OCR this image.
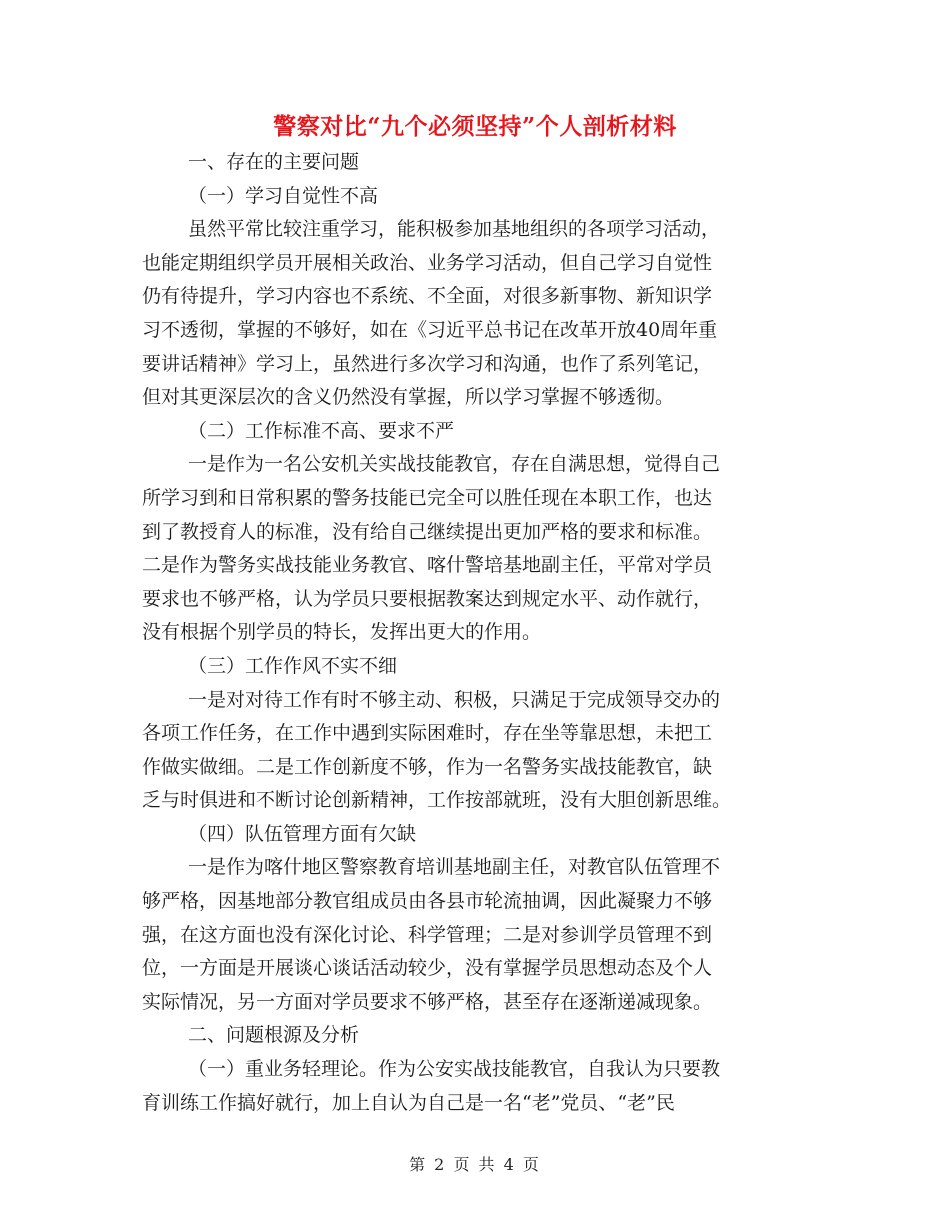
警察对比“九个必须坚持”个人剖析材料
一、存在的主要问题
（一）学习自觉性不高
虽然平常比较注重学习，能积极参加基地组织的各项学习活动，
也能定期组织学员开展相关政治、业务学习活动，但自己学习自觉性
仍有待提升，学习内容也不系统、不全面，对很多新事物、新知识学
习不透彻，掌握的不够好，如在《习近平总书记在改革开放40周年重
要讲话精神》学习上，虽然进行多次学习和沟通，也作了系列笔记，
但对其更深层次的含义仍然没有掌握，所以学习掌握不够透彻。
（二）工作标准不高、要求不严
一是作为一名公安机关实战技能教官，存在自满思想，觉得自己
所学习到和日常积累的警务技能已完全可以胜任现在本职工作，也达
到了教授育人的标准，没有给自己继续提出更加严格的要求和标准。
二是作为警务实战技能业务教官、喀什警培基地副主任，平常对学员
要求也不够严格，认为学员只要根据教案达到规定水平、动作就行，
没有根据个别学员的特长，发挥出更大的作用。
（三）工作作风不实不细
一是对对待工作有时不够主动、积极，只满足于完成领导交办的
各项工作任务，在工作中遇到实际困难时，存在坐等靠思想，未把工
作做实做细。二是工作创新度不够，作为一名警务实战技能教官，缺
乏与时俱进和不断讨论创新精神，工作按部就班，没有大胆创新思维。
（四）队伍管理方面有欠缺
一是作为喀什地区警察教育培训基地副主任，对教官队伍管理不
够严格，因基地部分教官组成员由各县市轮流抽调，因此凝聚力不够
强，在这方面也没有深化讨论、科学管理；二是对参训学员管理不到
位，一方面是开展谈心谈话活动较少，没有掌握学员思想动态及个人
实际情况，另一方面对学员要求不够严格，甚至存在逐渐递减现象。
二、问题根源及分析
（一）重业务轻理论。作为公安实战技能教官，自我认为只要教
育训练工作搞好就行，加上自认为自己是一名“老”党员、“老”民
第 2 页 共 4 页
